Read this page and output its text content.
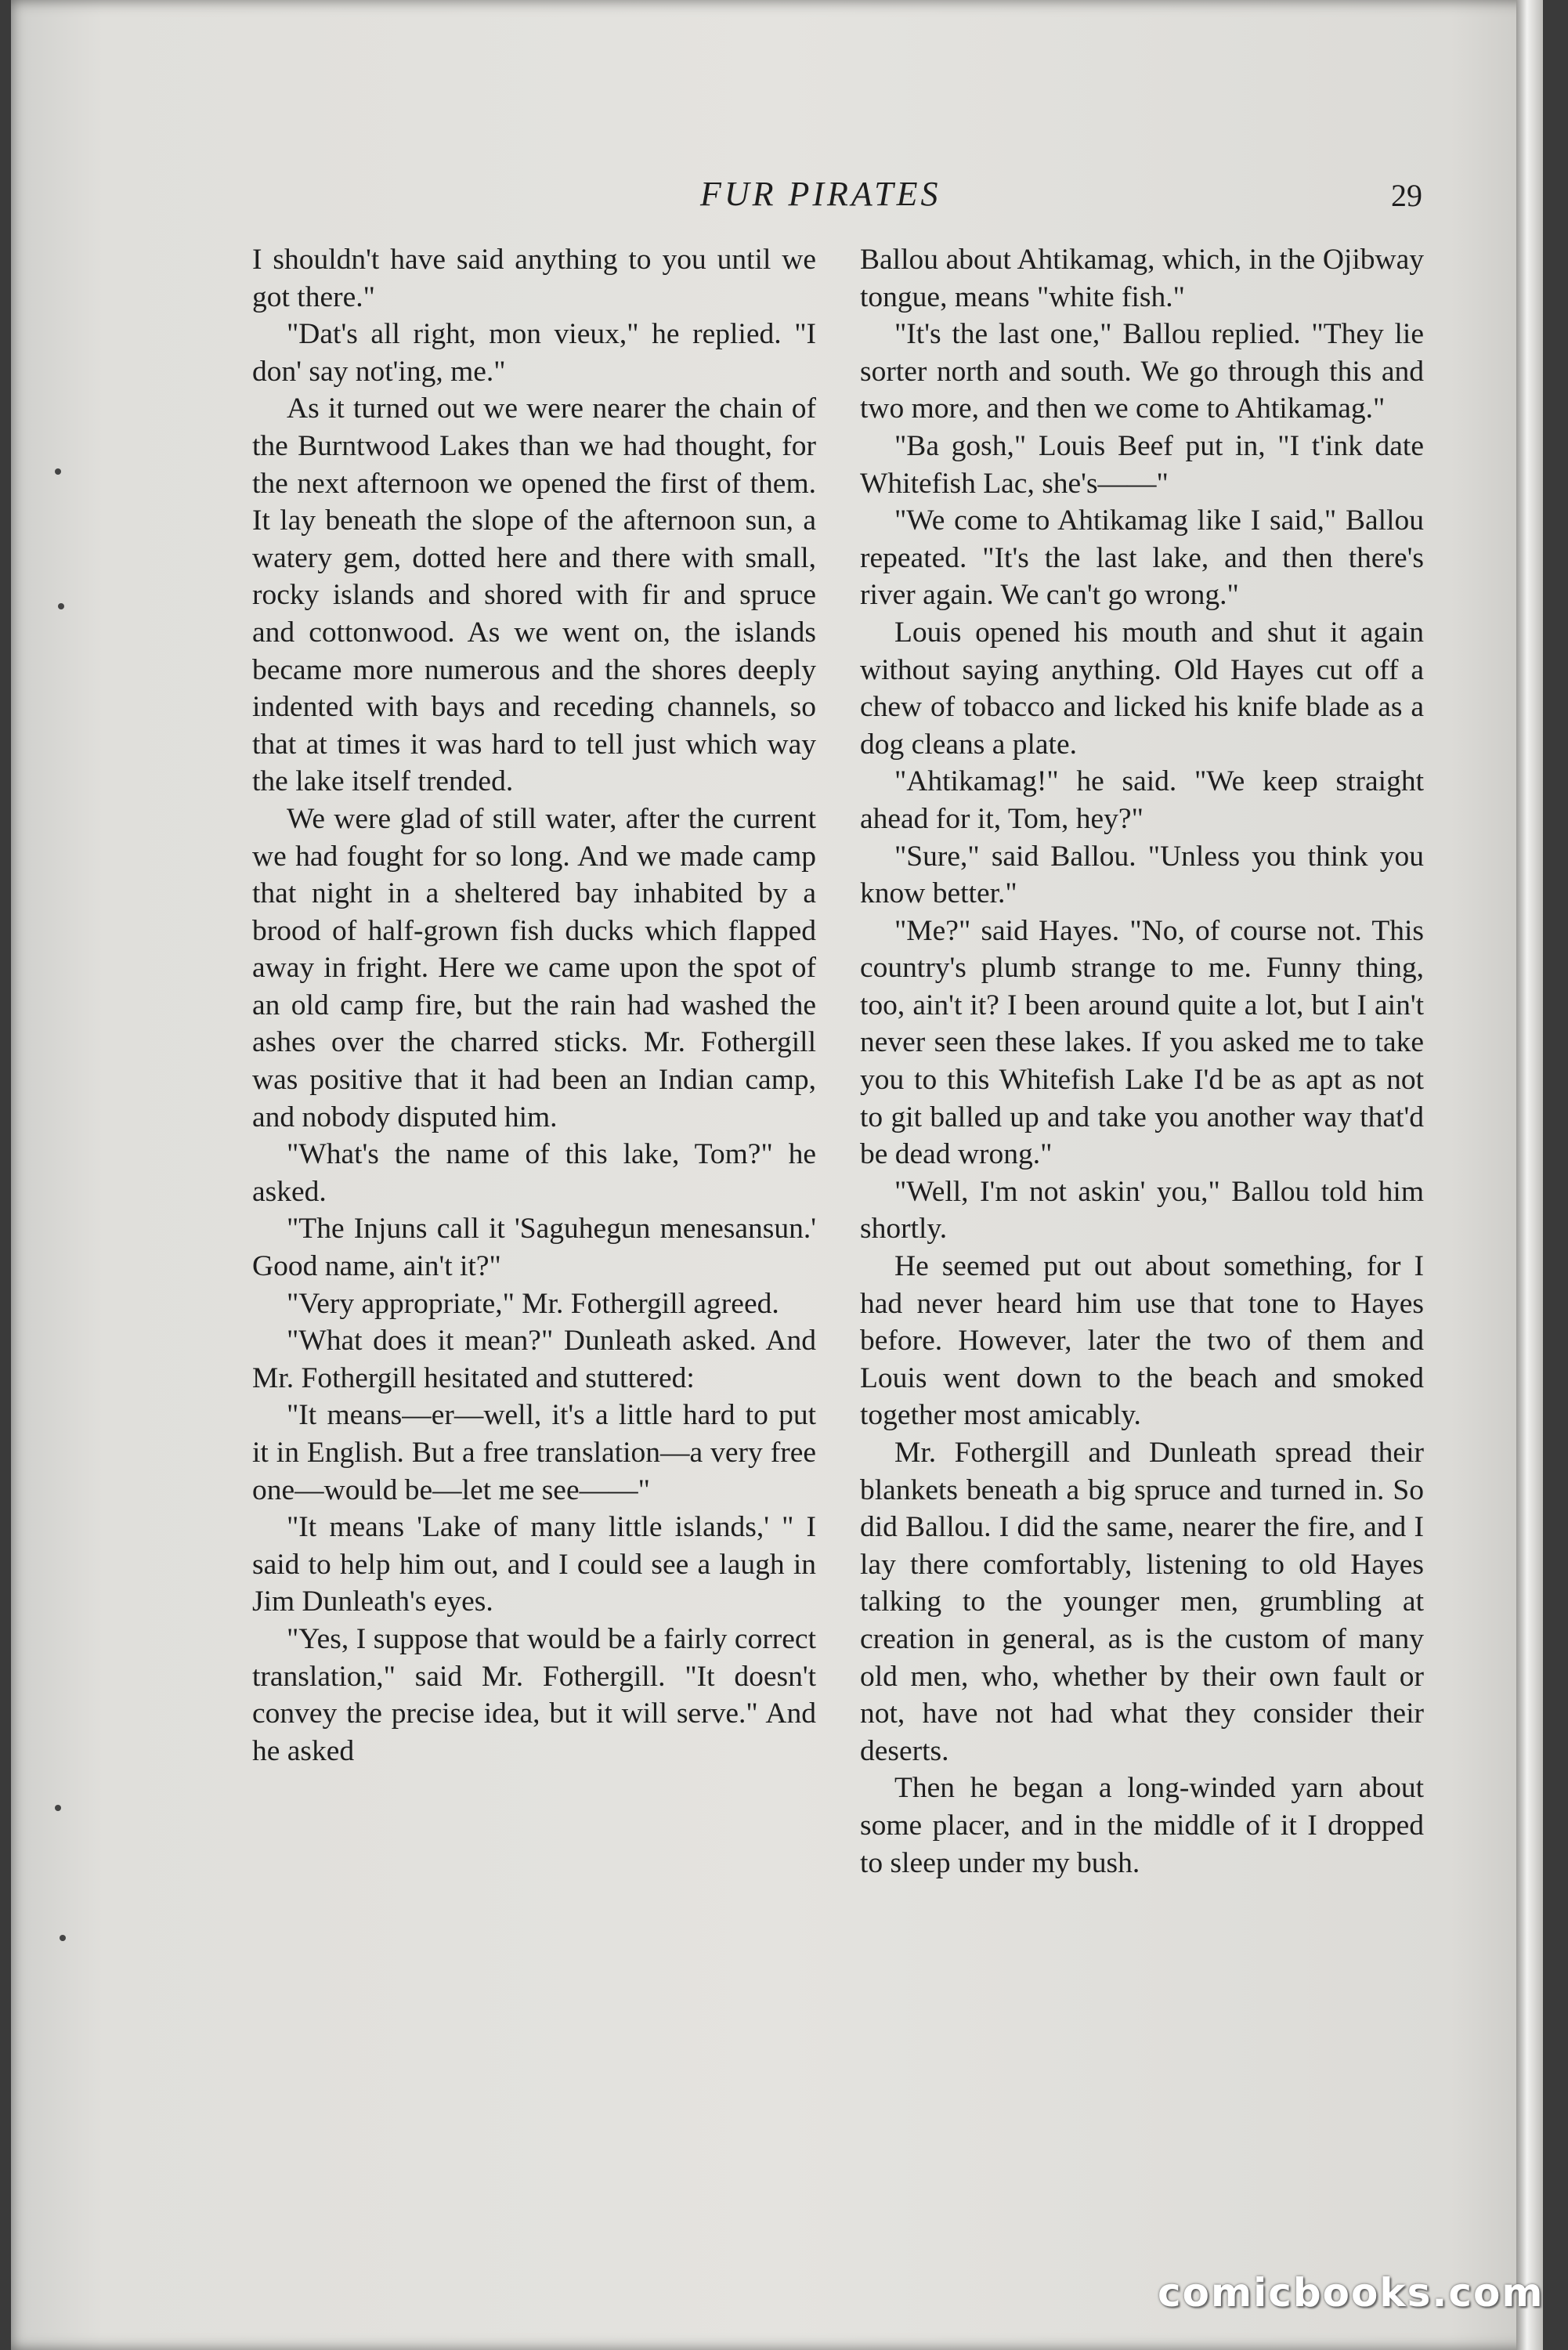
FUR PIRATES	29

I shouldn't have said anything to you until we got there."

"Dat's all right, mon vieux," he replied. "I don' say not'ing, me."

As it turned out we were nearer the chain of the Burntwood Lakes than we had thought, for the next afternoon we opened the first of them. It lay beneath the slope of the afternoon sun, a watery gem, dotted here and there with small, rocky islands and shored with fir and spruce and cottonwood. As we went on, the islands became more numerous and the shores deeply indented with bays and receding channels, so that at times it was hard to tell just which way the lake itself trended.

We were glad of still water, after the current we had fought for so long. And we made camp that night in a sheltered bay inhabited by a brood of half-grown fish ducks which flapped away in fright. Here we came upon the spot of an old camp fire, but the rain had washed the ashes over the charred sticks. Mr. Fothergill was positive that it had been an Indian camp, and nobody disputed him.

"What's the name of this lake, Tom?" he asked.

"The Injuns call it 'Saguhegun menesansun.' Good name, ain't it?"

"Very appropriate," Mr. Fothergill agreed.

"What does it mean?" Dunleath asked. And Mr. Fothergill hesitated and stuttered:

"It means—er—well, it's a little hard to put it in English. But a free translation—a very free one—would be—let me see——"

"It means 'Lake of many little islands,' " I said to help him out, and I could see a laugh in Jim Dunleath's eyes.

"Yes, I suppose that would be a fairly correct translation," said Mr. Fothergill. "It doesn't convey the precise idea, but it will serve." And he asked

Ballou about Ahtikamag, which, in the Ojibway tongue, means "white fish."

"It's the last one," Ballou replied. "They lie sorter north and south. We go through this and two more, and then we come to Ahtikamag."

"Ba gosh," Louis Beef put in, "I t'ink date Whitefish Lac, she's——"

"We come to Ahtikamag like I said," Ballou repeated. "It's the last lake, and then there's river again. We can't go wrong."

Louis opened his mouth and shut it again without saying anything. Old Hayes cut off a chew of tobacco and licked his knife blade as a dog cleans a plate.

"Ahtikamag!" he said. "We keep straight ahead for it, Tom, hey?"

"Sure," said Ballou. "Unless you think you know better."

"Me?" said Hayes. "No, of course not. This country's plumb strange to me. Funny thing, too, ain't it? I been around quite a lot, but I ain't never seen these lakes. If you asked me to take you to this Whitefish Lake I'd be as apt as not to git balled up and take you another way that'd be dead wrong."

"Well, I'm not askin' you," Ballou told him shortly.

He seemed put out about something, for I had never heard him use that tone to Hayes before. However, later the two of them and Louis went down to the beach and smoked together most amicably.

Mr. Fothergill and Dunleath spread their blankets beneath a big spruce and turned in. So did Ballou. I did the same, nearer the fire, and I lay there comfortably, listening to old Hayes talking to the younger men, grumbling at creation in general, as is the custom of many old men, who, whether by their own fault or not, have not had what they consider their deserts.

Then he began a long-winded yarn about some placer, and in the middle of it I dropped to sleep under my bush.

comicbooks.com
